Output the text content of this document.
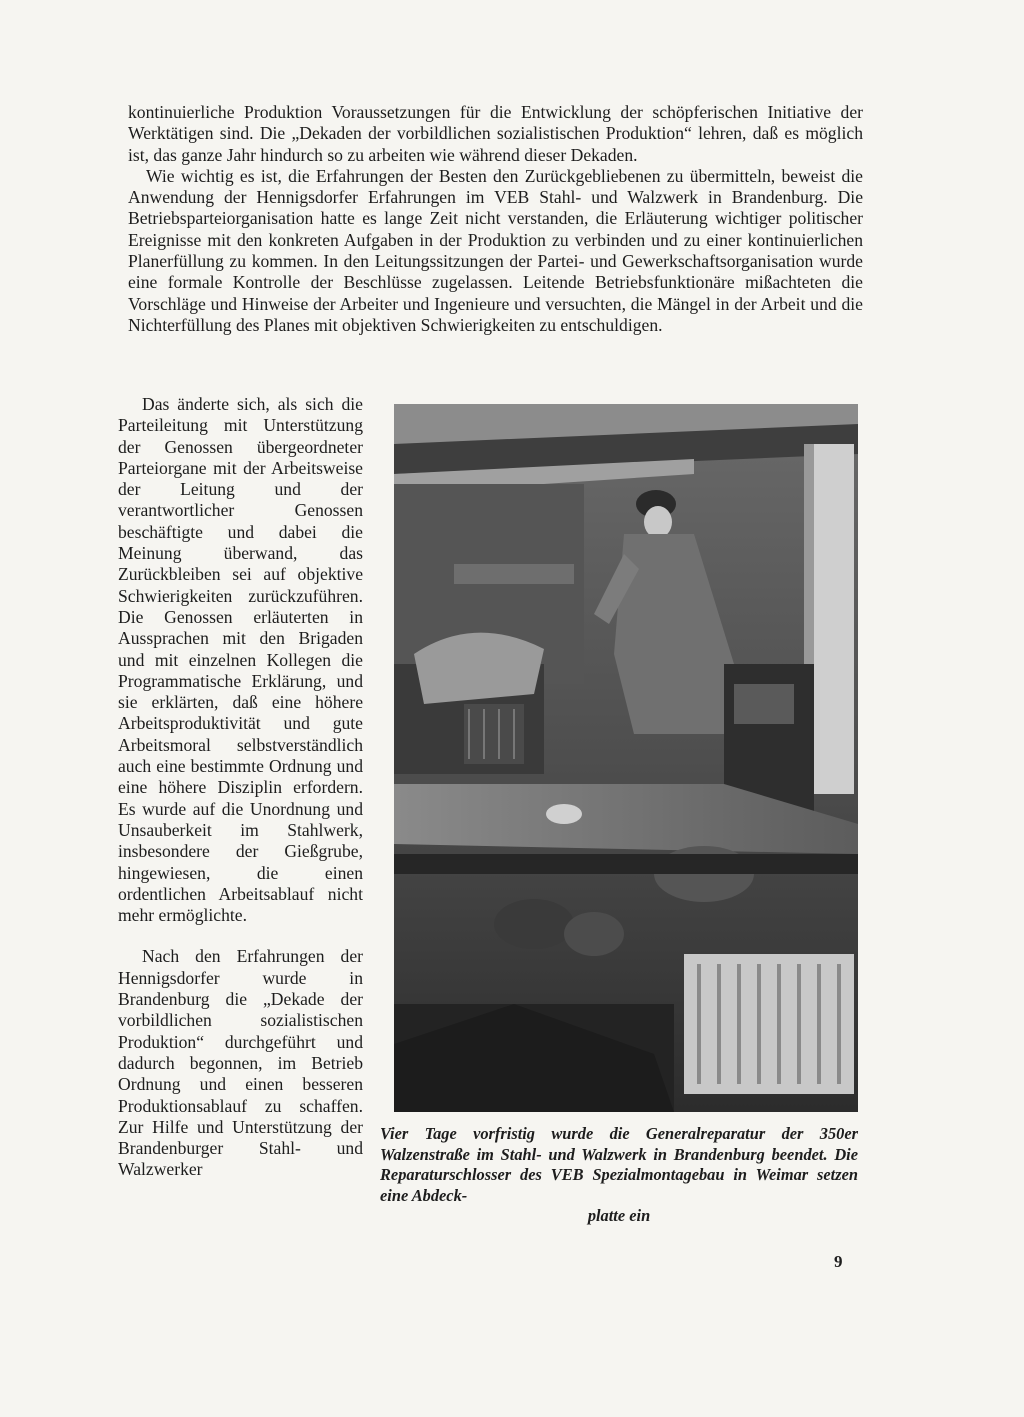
kontinuierliche Produktion Voraussetzungen für die Entwicklung der schöpferischen Initiative der Werktätigen sind. Die „Dekaden der vorbildlichen sozialistischen Produktion“ lehren, daß es möglich ist, das ganze Jahr hindurch so zu arbeiten wie während dieser Dekaden.

Wie wichtig es ist, die Erfahrungen der Besten den Zurückgebliebenen zu übermitteln, beweist die Anwendung der Hennigsdorfer Erfahrungen im VEB Stahl- und Walzwerk in Brandenburg. Die Betriebsparteiorganisation hatte es lange Zeit nicht verstanden, die Erläuterung wichtiger politischer Ereignisse mit den konkreten Aufgaben in der Produktion zu verbinden und zu einer kontinuierlichen Planerfüllung zu kommen. In den Leitungssitzungen der Partei- und Gewerkschaftsorganisation wurde eine formale Kontrolle der Beschlüsse zugelassen. Leitende Betriebsfunktionäre mißachteten die Vorschläge und Hinweise der Arbeiter und Ingenieure und versuchten, die Mängel in der Arbeit und die Nichterfüllung des Planes mit objektiven Schwierigkeiten zu entschuldigen.

Das änderte sich, als sich die Parteileitung mit Unterstützung der Genossen übergeordneter Parteiorgane mit der Arbeitsweise der Leitung und der verantwortlicher Genossen beschäftigte und dabei die Meinung überwand, das Zurückbleiben sei auf objektive Schwierigkeiten zurückzuführen. Die Genossen erläuterten in Aussprachen mit den Brigaden und mit einzelnen Kollegen die Programmatische Erklärung, und sie erklärten, daß eine höhere Arbeitsproduktivität und gute Arbeitsmoral selbstverständlich auch eine bestimmte Ordnung und eine höhere Disziplin erfordern. Es wurde auf die Unordnung und Unsauberkeit im Stahlwerk, insbesondere der Gießgrube, hingewiesen, die einen ordentlichen Arbeitsablauf nicht mehr ermöglichte.

Nach den Erfahrungen der Hennigsdorfer wurde in Brandenburg die „Dekade der vorbildlichen sozialistischen Produktion“ durchgeführt und dadurch begonnen, im Betrieb Ordnung und einen besseren Produktionsablauf zu schaffen. Zur Hilfe und Unterstützung der Brandenburger Stahl- und Walzwerker

Vier Tage vorfristig wurde die Generalreparatur der 350er Walzenstraße im Stahl- und Walzwerk in Brandenburg beendet. Die Reparaturschlosser des VEB Spezialmontagebau in Weimar setzen eine Abdeck-
platte ein
9
